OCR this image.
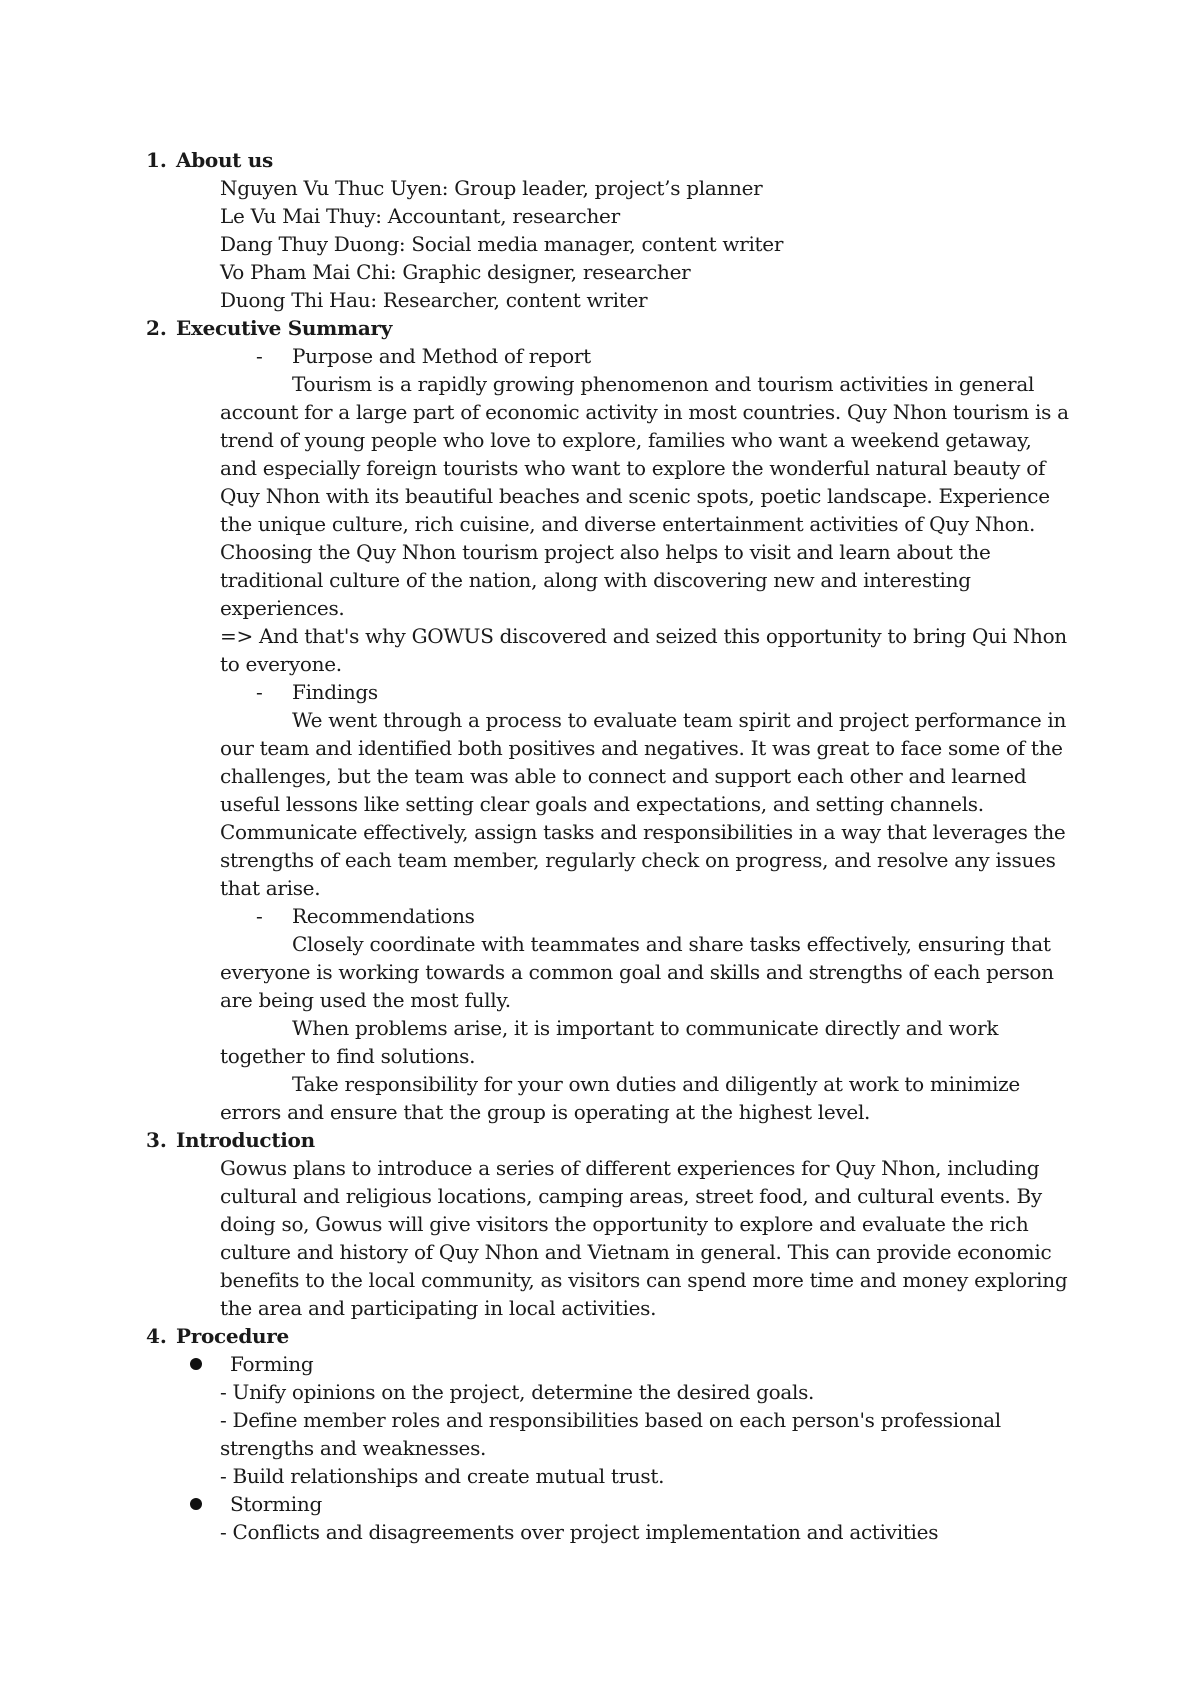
1. About us
Nguyen Vu Thuc Uyen: Group leader, project’s planner
Le Vu Mai Thuy: Accountant, researcher
Dang Thuy Duong: Social media manager, content writer
Vo Pham Mai Chi: Graphic designer, researcher
Duong Thi Hau: Researcher, content writer
2. Executive Summary
- Purpose and Method of report
Tourism is a rapidly growing phenomenon and tourism activities in general
account for a large part of economic activity in most countries. Quy Nhon tourism is a
trend of young people who love to explore, families who want a weekend getaway,
and especially foreign tourists who want to explore the wonderful natural beauty of
Quy Nhon with its beautiful beaches and scenic spots, poetic landscape. Experience
the unique culture, rich cuisine, and diverse entertainment activities of Quy Nhon.
Choosing the Quy Nhon tourism project also helps to visit and learn about the
traditional culture of the nation, along with discovering new and interesting
experiences.
=> And that's why GOWUS discovered and seized this opportunity to bring Qui Nhon
to everyone.
- Findings
We went through a process to evaluate team spirit and project performance in
our team and identified both positives and negatives. It was great to face some of the
challenges, but the team was able to connect and support each other and learned
useful lessons like setting clear goals and expectations, and setting channels.
Communicate effectively, assign tasks and responsibilities in a way that leverages the
strengths of each team member, regularly check on progress, and resolve any issues
that arise.
- Recommendations
Closely coordinate with teammates and share tasks effectively, ensuring that
everyone is working towards a common goal and skills and strengths of each person
are being used the most fully.
When problems arise, it is important to communicate directly and work
together to find solutions.
Take responsibility for your own duties and diligently at work to minimize
errors and ensure that the group is operating at the highest level.
3. Introduction
Gowus plans to introduce a series of different experiences for Quy Nhon, including
cultural and religious locations, camping areas, street food, and cultural events. By
doing so, Gowus will give visitors the opportunity to explore and evaluate the rich
culture and history of Quy Nhon and Vietnam in general. This can provide economic
benefits to the local community, as visitors can spend more time and money exploring
the area and participating in local activities.
4. Procedure
Forming
- Unify opinions on the project, determine the desired goals.
- Define member roles and responsibilities based on each person's professional
strengths and weaknesses.
- Build relationships and create mutual trust.
Storming
- Conflicts and disagreements over project implementation and activities
